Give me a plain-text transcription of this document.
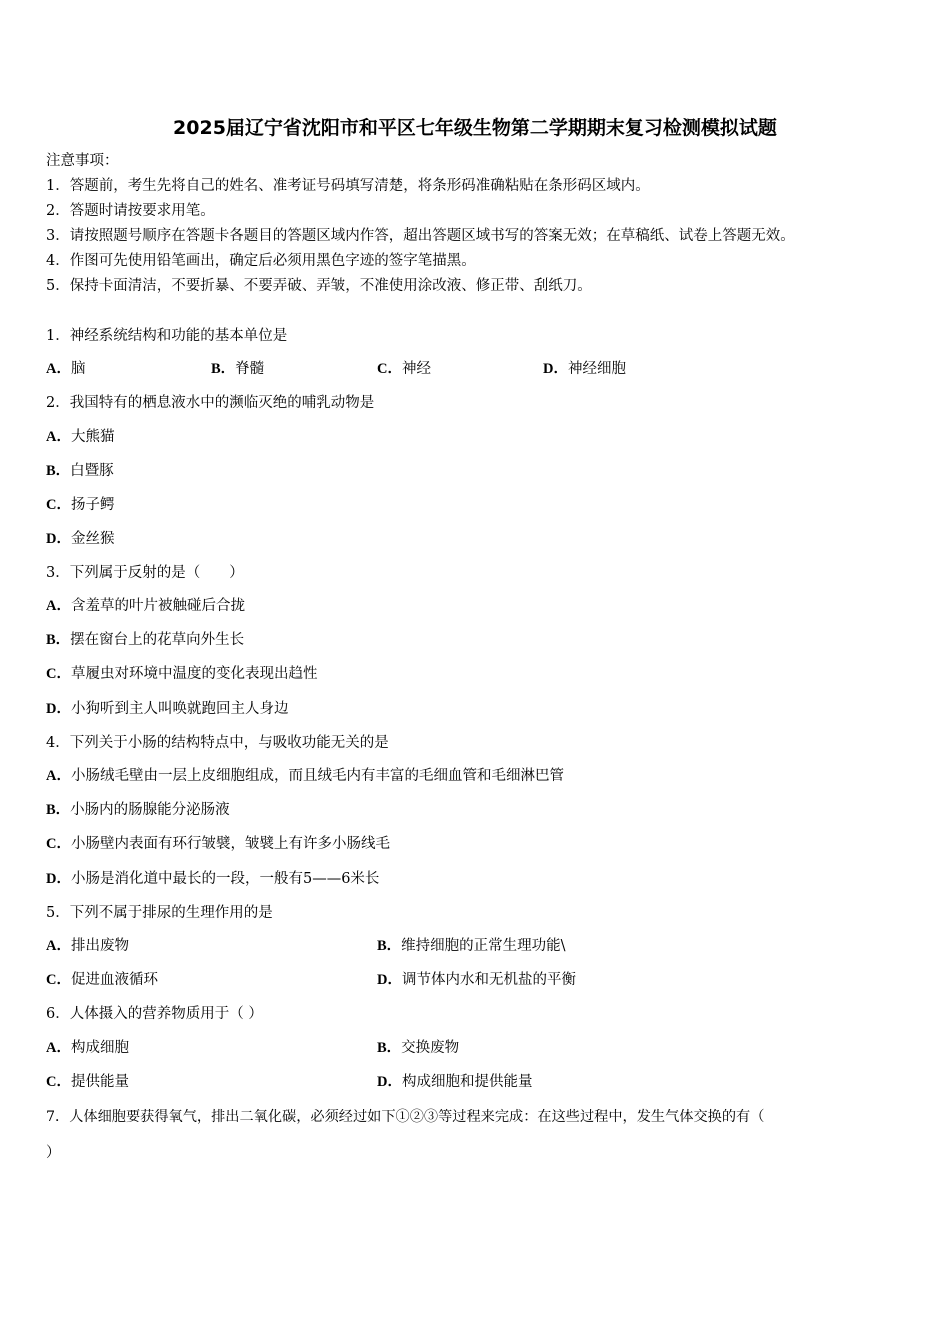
2025届辽宁省沈阳市和平区七年级生物第二学期期末复习检测模拟试题
注意事项：
1．答题前，考生先将自己的姓名、准考证号码填写清楚，将条形码准确粘贴在条形码区域内。
2．答题时请按要求用笔。
3．请按照题号顺序在答题卡各题目的答题区域内作答，超出答题区域书写的答案无效；在草稿纸、试卷上答题无效。
4．作图可先使用铅笔画出，确定后必须用黑色字迹的签字笔描黑。
5．保持卡面清洁，不要折暴、不要弄破、弄皱，不准使用涂改液、修正带、刮纸刀。
1．神经系统结构和功能的基本单位是
A．脑	B．脊髓	C．神经	D．神经细胞
2．我国特有的栖息液水中的濒临灭绝的哺乳动物是
A．大熊猫
B．白暨豚
C．扬子鳄
D．金丝猴
3．下列属于反射的是（　　）
A．含羞草的叶片被触碰后合拢
B．摆在窗台上的花草向外生长
C．草履虫对环境中温度的变化表现出趋性
D．小狗听到主人叫唤就跑回主人身边
4．下列关于小肠的结构特点中，与吸收功能无关的是
A．小肠绒毛壁由一层上皮细胞组成，而且绒毛内有丰富的毛细血管和毛细淋巴管
B．小肠内的肠腺能分泌肠液
C．小肠壁内表面有环行皱襞，皱襞上有许多小肠线毛
D．小肠是消化道中最长的一段，一般有5——6米长
5．下列不属于排尿的生理作用的是
A．排出废物	B．维持细胞的正常生理功能\
C．促进血液循环	D．调节体内水和无机盐的平衡
6．人体摄入的营养物质用于（ ）
A．构成细胞	B．交换废物
C．提供能量	D．构成细胞和提供能量
7．人体细胞要获得氧气，排出二氧化碳，必须经过如下①②③等过程来完成：在这些过程中，发生气体交换的有（
）
